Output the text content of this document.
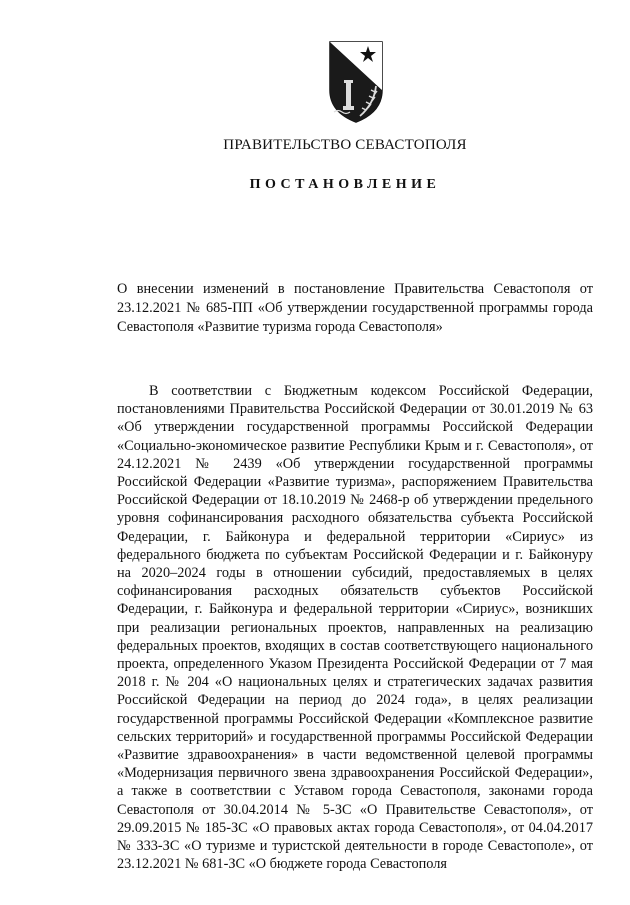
ПРАВИТЕЛЬСТВО СЕВАСТОПОЛЯ
ПОСТАНОВЛЕНИЕ
О внесении изменений в постановление Правительства Севастополя от 23.12.2021 № 685-ПП «Об утверждении государственной программы города Севастополя «Развитие туризма города Севастополя»

В соответствии с Бюджетным кодексом Российской Федерации, постановлениями Правительства Российской Федерации от 30.01.2019 № 63 «Об утверждении государственной программы Российской Федерации «Социально-экономическое развитие Республики Крым и г. Севастополя», от 24.12.2021 № 2439 «Об утверждении государственной программы Российской Федерации «Развитие туризма», распоряжением Правительства Российской Федерации от 18.10.2019 № 2468-р об утверждении предельного уровня софинансирования расходного обязательства субъекта Российской Федерации, г. Байконура и федеральной территории «Сириус» из федерального бюджета по субъектам Российской Федерации и г. Байконуру на 2020–2024 годы в отношении субсидий, предоставляемых в целях софинансирования расходных обязательств субъектов Российской Федерации, г. Байконура и федеральной территории «Сириус», возникших при реализации региональных проектов, направленных на реализацию федеральных проектов, входящих в состав соответствующего национального проекта, определенного Указом Президента Российской Федерации от 7 мая 2018 г. № 204 «О национальных целях и стратегических задачах развития Российской Федерации на период до 2024 года», в целях реализации государственной программы Российской Федерации «Комплексное развитие сельских территорий» и государственной программы Российской Федерации «Развитие здравоохранения» в части ведомственной целевой программы «Модернизация первичного звена здравоохранения Российской Федерации», а также в соответствии с Уставом города Севастополя, законами города Севастополя от 30.04.2014 № 5-ЗС «О Правительстве Севастополя», от 29.09.2015 № 185-ЗС «О правовых актах города Севастополя», от 04.04.2017 № 333-ЗС «О туризме и туристской деятельности в городе Севастополе», от 23.12.2021 № 681-ЗС «О бюджете города Севастополя
